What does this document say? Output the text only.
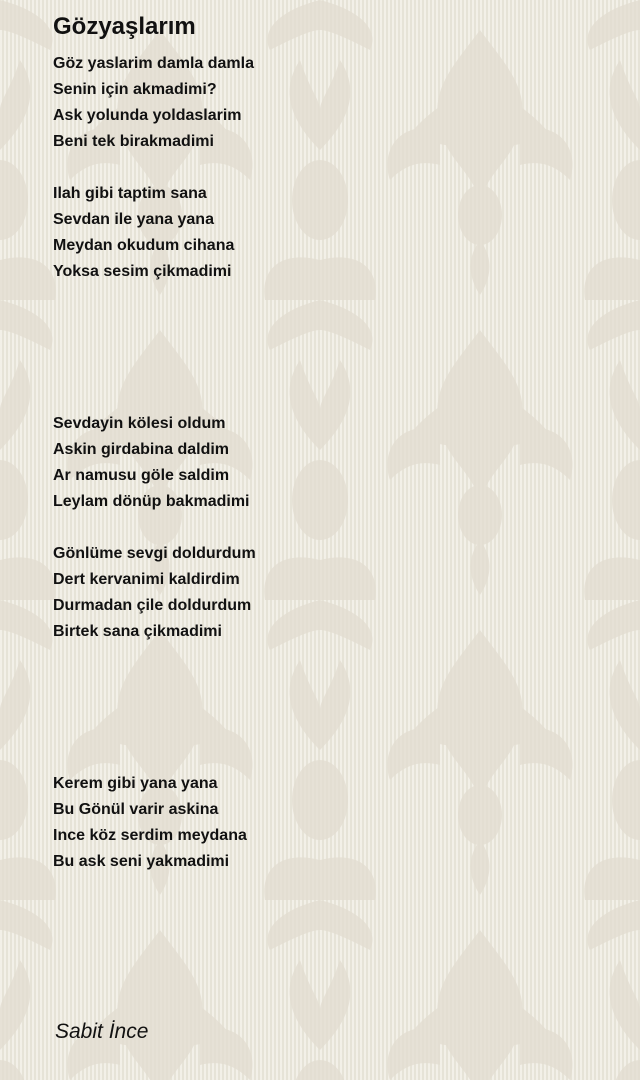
Gözyaşlarım
Göz yaslarim damla damla
Senin için akmadimi?
Ask yolunda yoldaslarim
Beni tek birakmadimi
Ilah gibi taptim sana
Sevdan ile yana yana
Meydan okudum cihana
Yoksa sesim çikmadimi
Sevdayin kölesi oldum
Askin girdabina daldim
Ar namusu göle saldim
Leylam dönüp bakmadimi
Gönlüme sevgi doldurdum
Dert kervanimi kaldirdim
Durmadan çile doldurdum
Birtek sana çikmadimi
Kerem gibi yana yana
Bu Gönül varir askina
Ince köz serdim meydana
Bu ask seni yakmadimi
Sabit İnce
